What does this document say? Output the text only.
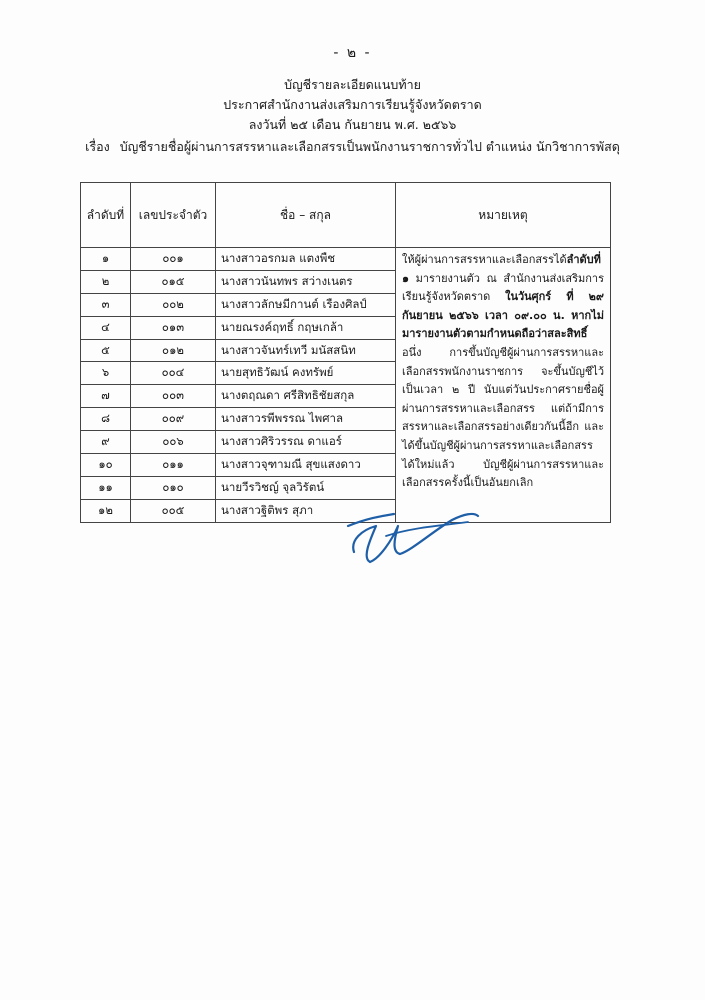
- ๒ -
บัญชีรายละเอียดแนบท้าย
ประกาศสำนักงานส่งเสริมการเรียนรู้จังหวัดตราด
ลงวันที่ ๒๕ เดือน กันยายน พ.ศ. ๒๕๖๖
เรื่อง บัญชีรายชื่อผู้ผ่านการสรรหาและเลือกสรรเป็นพนักงานราชการทั่วไป ตำแหน่ง นักวิชาการพัสดุ
ลำดับที่	เลขประจำตัว	ชื่อ – สกุล	หมายเหตุ
๑	๐๐๑	นางสาวอรกมล แตงพืช	ให้ผู้ผ่านการสรรหาและเลือกสรรได้ลำดับที่ ๑ มารายงานตัว ณ สำนักงานส่งเสริมการเรียนรู้จังหวัดตราด ในวันศุกร์ ที่ ๒๙ กันยายน ๒๕๖๖ เวลา ๐๙.๐๐ น. หากไม่มารายงานตัวตามกำหนดถือว่าสละสิทธิ์ อนึ่ง การขึ้นบัญชีผู้ผ่านการสรรหาและเลือกสรรพนักงานราชการ จะขึ้นบัญชีไว้เป็นเวลา ๒ ปี นับแต่วันประกาศรายชื่อผู้ผ่านการสรรหาและเลือกสรร แต่ถ้ามีการสรรหาและเลือกสรรอย่างเดียวกันนี้อีก และได้ขึ้นบัญชีผู้ผ่านการสรรหาและเลือกสรรได้ใหม่แล้ว บัญชีผู้ผ่านการสรรหาและเลือกสรรครั้งนี้เป็นอันยกเลิก

๒	๐๑๕	นางสาวนันทพร สว่างเนตร	
๓	๐๐๒	นางสาวลักษมีกานต์ เรืองศิลป์	
๔	๐๑๓	นายณรงค์ฤทธิ์ กฤษเกล้า	
๕	๐๑๒	นางสาวจันทร์เทวี มนัสสนิท	
๖	๐๐๔	นายสุทธิวัฒน์ คงทรัพย์	
๗	๐๐๓	นางตฤณดา ศรีสิทธิชัยสกุล	
๘	๐๐๙	นางสาวรพีพรรณ ไพศาล	
๙	๐๐๖	นางสาวศิริวรรณ ดาแอร์	
๑๐	๐๑๑	นางสาวจุฑามณี สุขแสงดาว	
๑๑	๐๑๐	นายวีรวิชญ์ จุลวิรัตน์	
๑๒	๐๐๕	นางสาวฐิติพร สุภา	
